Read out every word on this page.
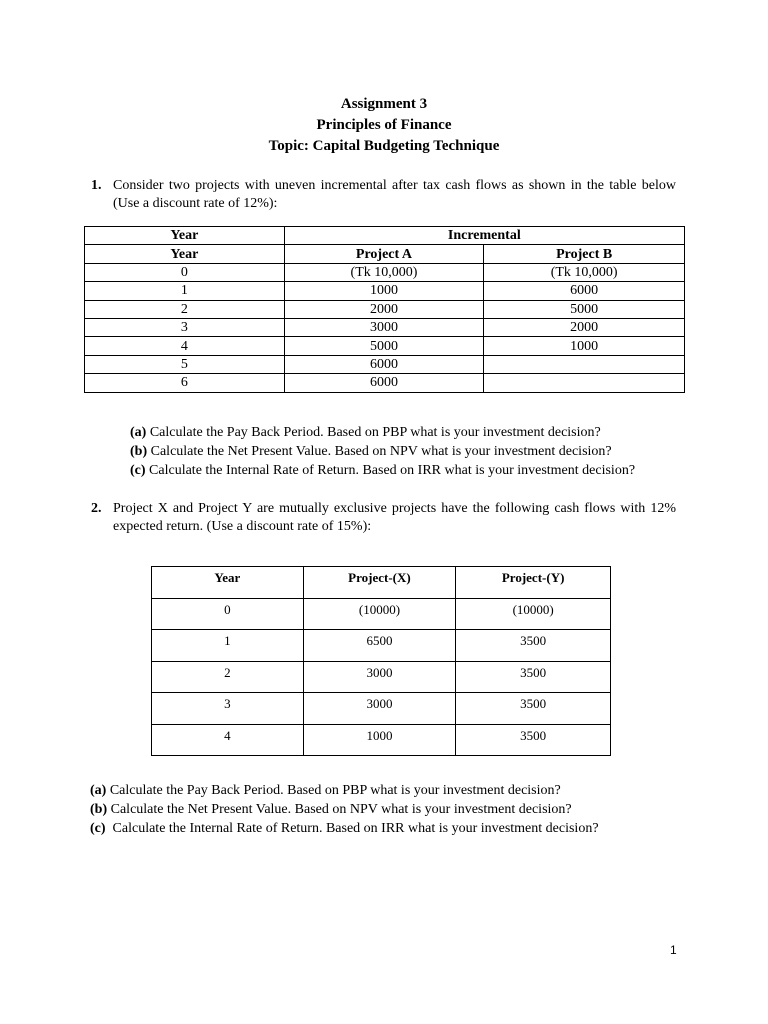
Assignment 3
Principles of Finance
Topic: Capital Budgeting Technique
1. Consider two projects with uneven incremental after tax cash flows as shown in the table below (Use a discount rate of 12%):
Year	Incremental	
Year	Project A	Project B
0	(Tk 10,000)	(Tk 10,000)
1	1000	6000
2	2000	5000
3	3000	2000
4	5000	1000
5	6000	
6	6000	
(a) Calculate the Pay Back Period. Based on PBP what is your investment decision?
(b) Calculate the Net Present Value. Based on NPV what is your investment decision?
(c) Calculate the Internal Rate of Return. Based on IRR what is your investment decision?
2. Project X and Project Y are mutually exclusive projects have the following cash flows with 12% expected return. (Use a discount rate of 15%):
Year	Project-(X)	Project-(Y)
0	(10000)	(10000)
1	6500	3500
2	3000	3500
3	3000	3500
4	1000	3500
(a) Calculate the Pay Back Period. Based on PBP what is your investment decision?
(b) Calculate the Net Present Value. Based on NPV what is your investment decision?
(c)  Calculate the Internal Rate of Return. Based on IRR what is your investment decision?
1
